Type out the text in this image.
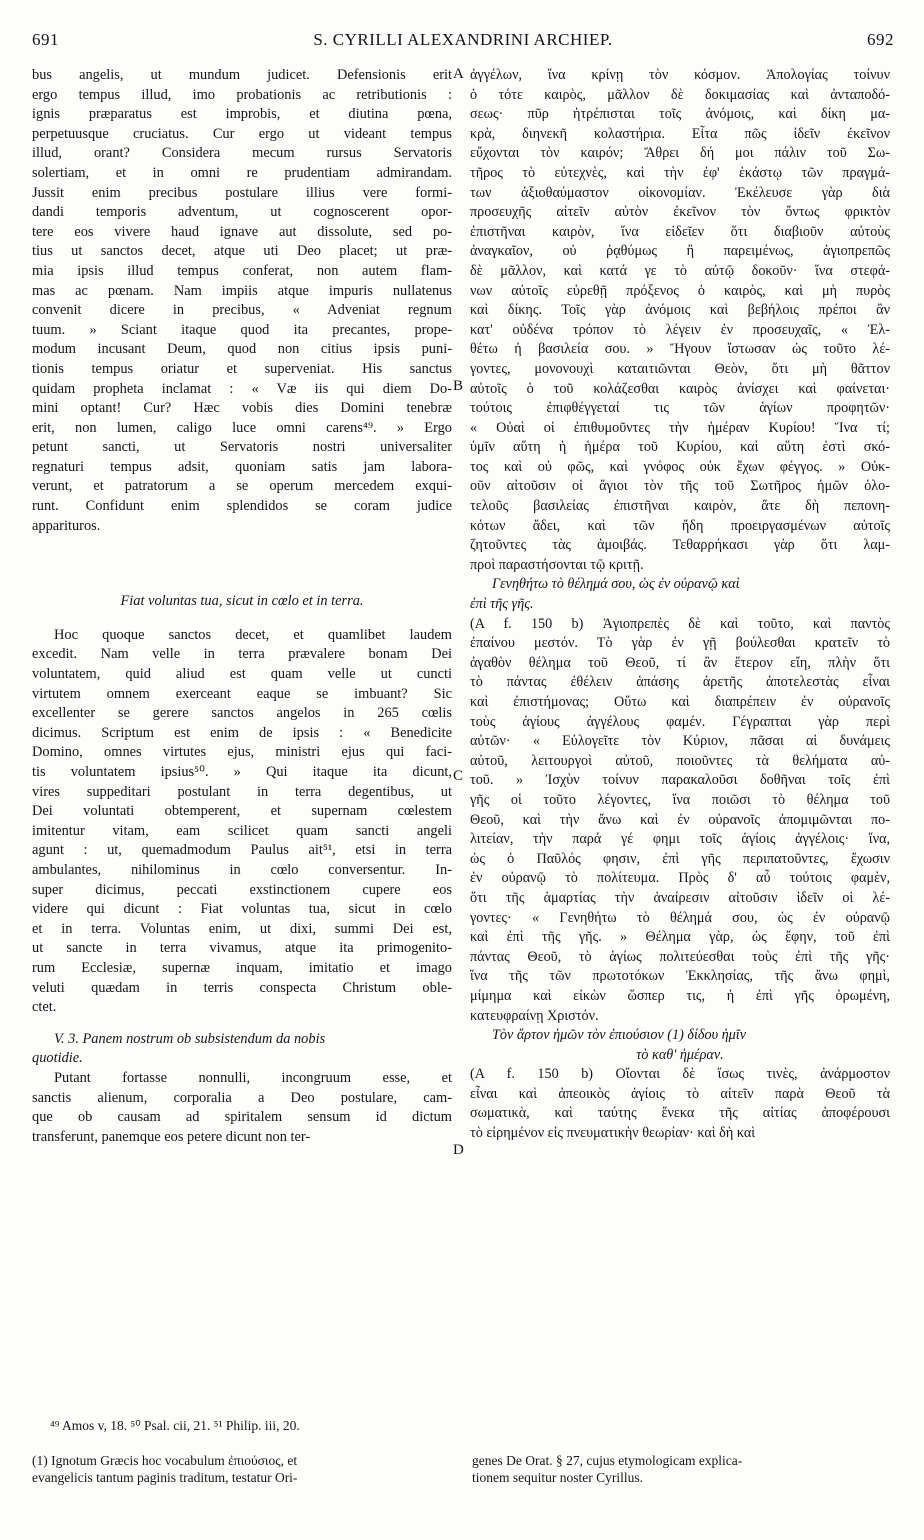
S. CYRILLI ALEXANDRINI ARCHIEP.
691	692
bus angelis, ut mundum judicet. Defensionis erit
ergo tempus illud, imo probationis ac retributionis :
ignis præparatus est improbis, et diutina pœna,
perpetuusque cruciatus. Cur ergo ut videant tempus
illud, orant? Considera mecum rursus Servatoris
solertiam, et in omni re prudentiam admirandam.
Jussit enim precibus postulare illius vere formi-
dandi temporis adventum, ut cognoscerent opor-
tere eos vivere haud ignave aut dissolute, sed po-
tius ut sanctos decet, atque uti Deo placet; ut præ-
mia ipsis illud tempus conferat, non autem flam-
mas ac pœnam. Nam impiis atque impuris nullatenus
convenit dicere in precibus, « Adveniat regnum
tuum. » Sciant itaque quod ita precantes, prope-
modum incusant Deum, quod non citius ipsis puni-
tionis tempus oriatur et superveniat. His sanctus
quidam propheta inclamat : « Væ iis qui diem Do-
mini optant! Cur? Hæc vobis dies Domini tenebræ
erit, non lumen, caligo luce omni carens⁴⁹. » Ergo
petunt sancti, ut Servatoris nostri universaliter
regnaturi tempus adsit, quoniam satis jam labora-
verunt, et patratorum a se operum mercedem exqui-
runt. Confidunt enim splendidos se coram judice
apparituros.
Fiat voluntas tua, sicut in cœlo et in terra.
Hoc quoque sanctos decet, et quamlibet laudem
excedit. Nam velle in terra prævalere bonam Dei
voluntatem, quid aliud est quam velle ut cuncti
virtutem omnem exerceant eaque se imbuant? Sic
excellenter se gerere sanctos angelos in 265 cœlis
dicimus. Scriptum est enim de ipsis : « Benedicite
Domino, omnes virtutes ejus, ministri ejus qui faci-
tis voluntatem ipsius⁵⁰. » Qui itaque ita dicunt,
vires suppeditari postulant in terra degentibus, ut
Dei voluntati obtemperent, et supernam cœlestem
imitentur vitam, eam scilicet quam sancti angeli
agunt : ut, quemadmodum Paulus ait⁵¹, etsi in terra
ambulantes, nihilominus in cœlo conversentur. In-
super dicimus, peccati exstinctionem cupere eos
videre qui dicunt : Fiat voluntas tua, sicut in cœlo
et in terra. Voluntas enim, ut dixi, summi Dei est,
ut sancte in terra vivamus, atque ita primogenito-
rum Ecclesiæ, supernæ inquam, imitatio et imago
veluti quædam in terris conspecta Christum oble-
ctet.
V. 3. Panem nostrum ob subsistendum da nobis
quotidie.
Putant fortasse nonnulli, incongruum esse, et
sanctis alienum, corporalia a Deo postulare, cam-
que ob causam ad spiritalem sensum id dictum
transferunt, panemque eos petere dicunt non ter-
ἀγγέλων, ἵνα κρίνῃ τὸν κόσμον. Ἀπολογίας τοίνυν
ὁ τότε καιρὸς, μᾶλλον δὲ δοκιμασίας καὶ ἀνταποδό-
σεως· πῦρ ἡτρέπισται τοῖς ἀνόμοις, καὶ δίκη μα-
κρὰ, διηνεκῆ κολαστήρια. Εἶτα πῶς ἰδεῖν ἐκεῖνον
εὔχονται τὸν καιρόν; Ἄθρει δή μοι πάλιν τοῦ Σω-
τῆρος τὸ εὐτεχνὲς, καὶ τὴν ἐφ' ἑκάστῳ τῶν πραγμά-
των ἀξιοθαύμαστον οἰκονομίαν. Ἐκέλευσε γὰρ διὰ
προσευχῆς αἰτεῖν αὐτὸν ἐκεῖνον τὸν ὄντως φρικτὸν
ἐπιστῆναι καιρὸν, ἵνα εἰδεῖεν ὅτι διαβιοῦν αὐτοὺς
ἀναγκαῖον, οὐ ῥᾳθύμως ἢ παρειμένως, ἁγιοπρεπῶς
δὲ μᾶλλον, καὶ κατά γε τὸ αὐτῷ δοκοῦν· ἵνα στεφά-
νων αὐτοῖς εὑρεθῇ πρόξενος ὁ καιρὸς, καὶ μὴ πυρὸς
καὶ δίκης. Τοῖς γὰρ ἀνόμοις καὶ βεβήλοις πρέποι ἂν
κατ' οὐδένα τρόπον τὸ λέγειν ἐν προσευχαῖς, « Ἐλ-
θέτω ἡ βασιλεία σου. » Ἤγουν ἴστωσαν ὡς τοῦτο λέ-
γοντες, μονονουχὶ καταιτιῶνται Θεὸν, ὅτι μὴ θᾶττον
αὐτοῖς ὁ τοῦ κολάζεσθαι καιρὸς ἀνίσχει καὶ φαίνεται·
τούτοις ἐπιφθέγγεταί τις τῶν ἁγίων προφητῶν·
« Οὐαὶ οἱ ἐπιθυμοῦντες τὴν ἡμέραν Κυρίου! Ἵνα τί;
ὑμῖν αὕτη ἡ ἡμέρα τοῦ Κυρίου, καὶ αὕτη ἐστὶ σκό-
τος καὶ οὐ φῶς, καὶ γνόφος οὐκ ἔχων φέγγος. » Οὐκ-
οῦν αἰτοῦσιν οἱ ἅγιοι τὸν τῆς τοῦ Σωτῆρος ἡμῶν ὁλο-
τελοῦς βασιλείας ἐπιστῆναι καιρὸν, ἅτε δὴ πεπονη-
κότων ἄδει, καὶ τῶν ἤδη προειργασμένων αὐτοῖς
ζητοῦντες τὰς ἀμοιβάς. Τεθαρρήκασι γὰρ ὅτι λαμ-
προὶ παραστήσονται τῷ κριτῇ.
Γενηθήτω τὸ θέλημά σου, ὡς ἐν οὐρανῷ καὶ
ἐπὶ τῆς γῆς.
(Α f. 150 b) Ἁγιοπρεπὲς δὲ καὶ τοῦτο, καὶ παντὸς
ἐπαίνου μεστόν. Τὸ γὰρ ἐν γῇ βούλεσθαι κρατεῖν τὸ
ἀγαθὸν θέλημα τοῦ Θεοῦ, τί ἂν ἕτερον εἴη, πλὴν ὅτι
τὸ πάντας ἐθέλειν ἁπάσης ἀρετῆς ἀποτελεστὰς εἶναι
καὶ ἐπιστήμονας; Οὕτω καὶ διαπρέπειν ἐν οὐρανοῖς
τοὺς ἁγίους ἀγγέλους φαμέν. Γέγραπται γὰρ περὶ
αὐτῶν· « Εὐλογεῖτε τὸν Κύριον, πᾶσαι αἱ δυνάμεις
αὐτοῦ, λειτουργοὶ αὐτοῦ, ποιοῦντες τὰ θελήματα αὐ-
τοῦ. » Ἰσχὺν τοίνυν παρακαλοῦσι δοθῆναι τοῖς ἐπὶ
γῆς οἱ τοῦτο λέγοντες, ἵνα ποιῶσι τὸ θέλημα τοῦ
Θεοῦ, καὶ τὴν ἄνω καὶ ἐν οὐρανοῖς ἀπομιμῶνται πο-
λιτείαν, τὴν παρά γέ φημι τοῖς ἁγίοις ἀγγέλοις· ἵνα,
ὡς ὁ Παῦλός φησιν, ἐπὶ γῆς περιπατοῦντες, ἔχωσιν
ἐν οὐρανῷ τὸ πολίτευμα. Πρὸς δ' αὖ τούτοις φαμὲν,
ὅτι τῆς ἁμαρτίας τὴν ἀναίρεσιν αἰτοῦσιν ἰδεῖν οἱ λέ-
γοντες· « Γενηθήτω τὸ θέλημά σου, ὡς ἐν οὐρανῷ
καὶ ἐπὶ τῆς γῆς. » Θέλημα γὰρ, ὡς ἔφην, τοῦ ἐπὶ
πάντας Θεοῦ, τὸ ἁγίως πολιτεύεσθαι τοὺς ἐπὶ τῆς γῆς·
ἵνα τῆς τῶν πρωτοτόκων Ἐκκλησίας, τῆς ἄνω φημὶ,
μίμημα καὶ εἰκὼν ὥσπερ τις, ἡ ἐπὶ γῆς ὁρωμένη,
κατευφραίνῃ Χριστόν.
Τὸν ἄρτον ἡμῶν τὸν ἐπιούσιον (1) δίδου ἡμῖν
τὸ καθ' ἡμέραν.
(Α f. 150 b) Οἴονται δὲ ἴσως τινὲς, ἀνάρμοστον
εἶναι καὶ ἀπεοικὸς ἁγίοις τὸ αἰτεῖν παρὰ Θεοῦ τὰ
σωματικὰ, καὶ ταύτης ἕνεκα τῆς αἰτίας ἀποφέρουσι
τὸ εἰρημένον εἰς πνευματικὴν θεωρίαν· καὶ δὴ καὶ
A
B
C
D
⁴⁹ Amos v, 18. ⁵⁰ Psal. cii, 21. ⁵¹ Philip. iii, 20.
(1) Ignotum Græcis hoc vocabulum ἐπιούσιος, et
evangelicis tantum paginis traditum, testatur Ori-
genes De Orat. § 27, cujus etymologicam explica-
tionem sequitur noster Cyrillus.
